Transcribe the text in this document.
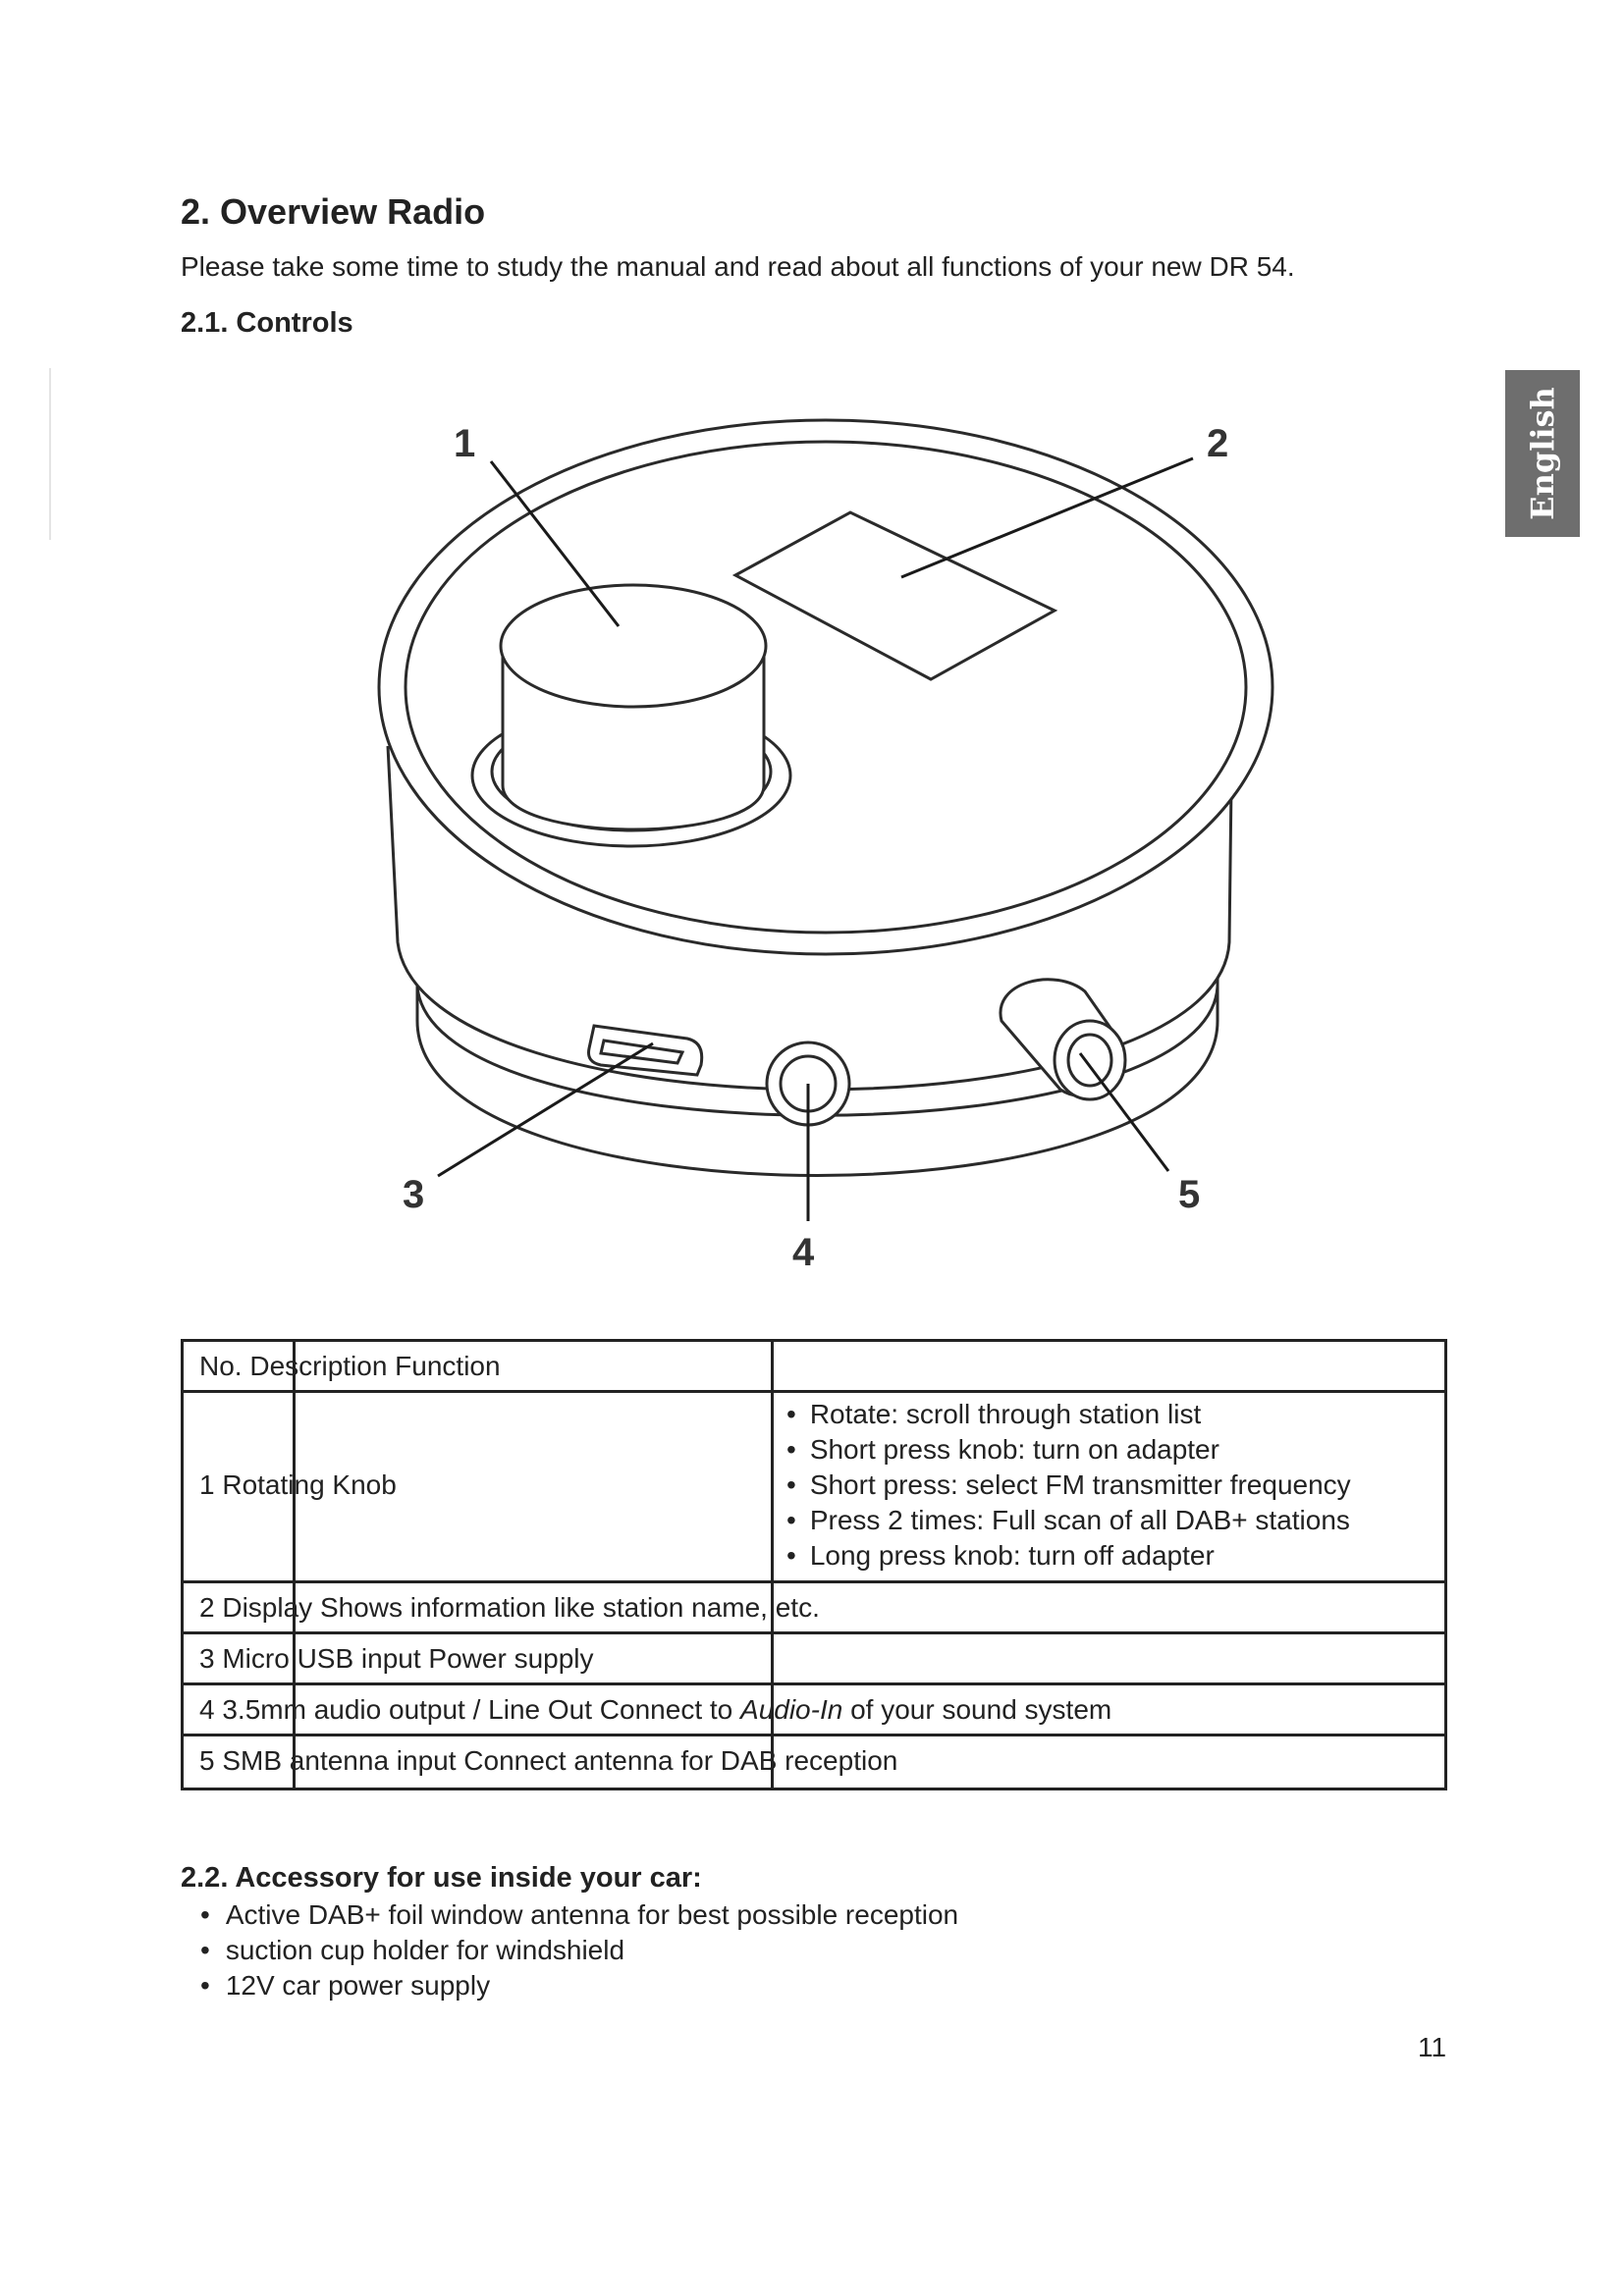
2. Overview Radio
Please take some time to study the manual and read about all functions of your new DR 54.
2.1. Controls
English
1	2
3
4
5
No. Description Function
1 Rotating Knob
• Rotate: scroll through station list
• Short press knob: turn on adapter
• Short press: select FM transmitter frequency
• Press 2 times: Full scan of all DAB+ stations
• Long press knob: turn off adapter
2 Display Shows information like station name, etc.
3 Micro USB input Power supply
4 3.5mm audio output / Line Out Connect to Audio-In of your sound system
5 SMB antenna input Connect antenna for DAB reception
2.2. Accessory for use inside your car:
• Active DAB+ foil window antenna for best possible reception
• suction cup holder for windshield
• 12V car power supply
11
